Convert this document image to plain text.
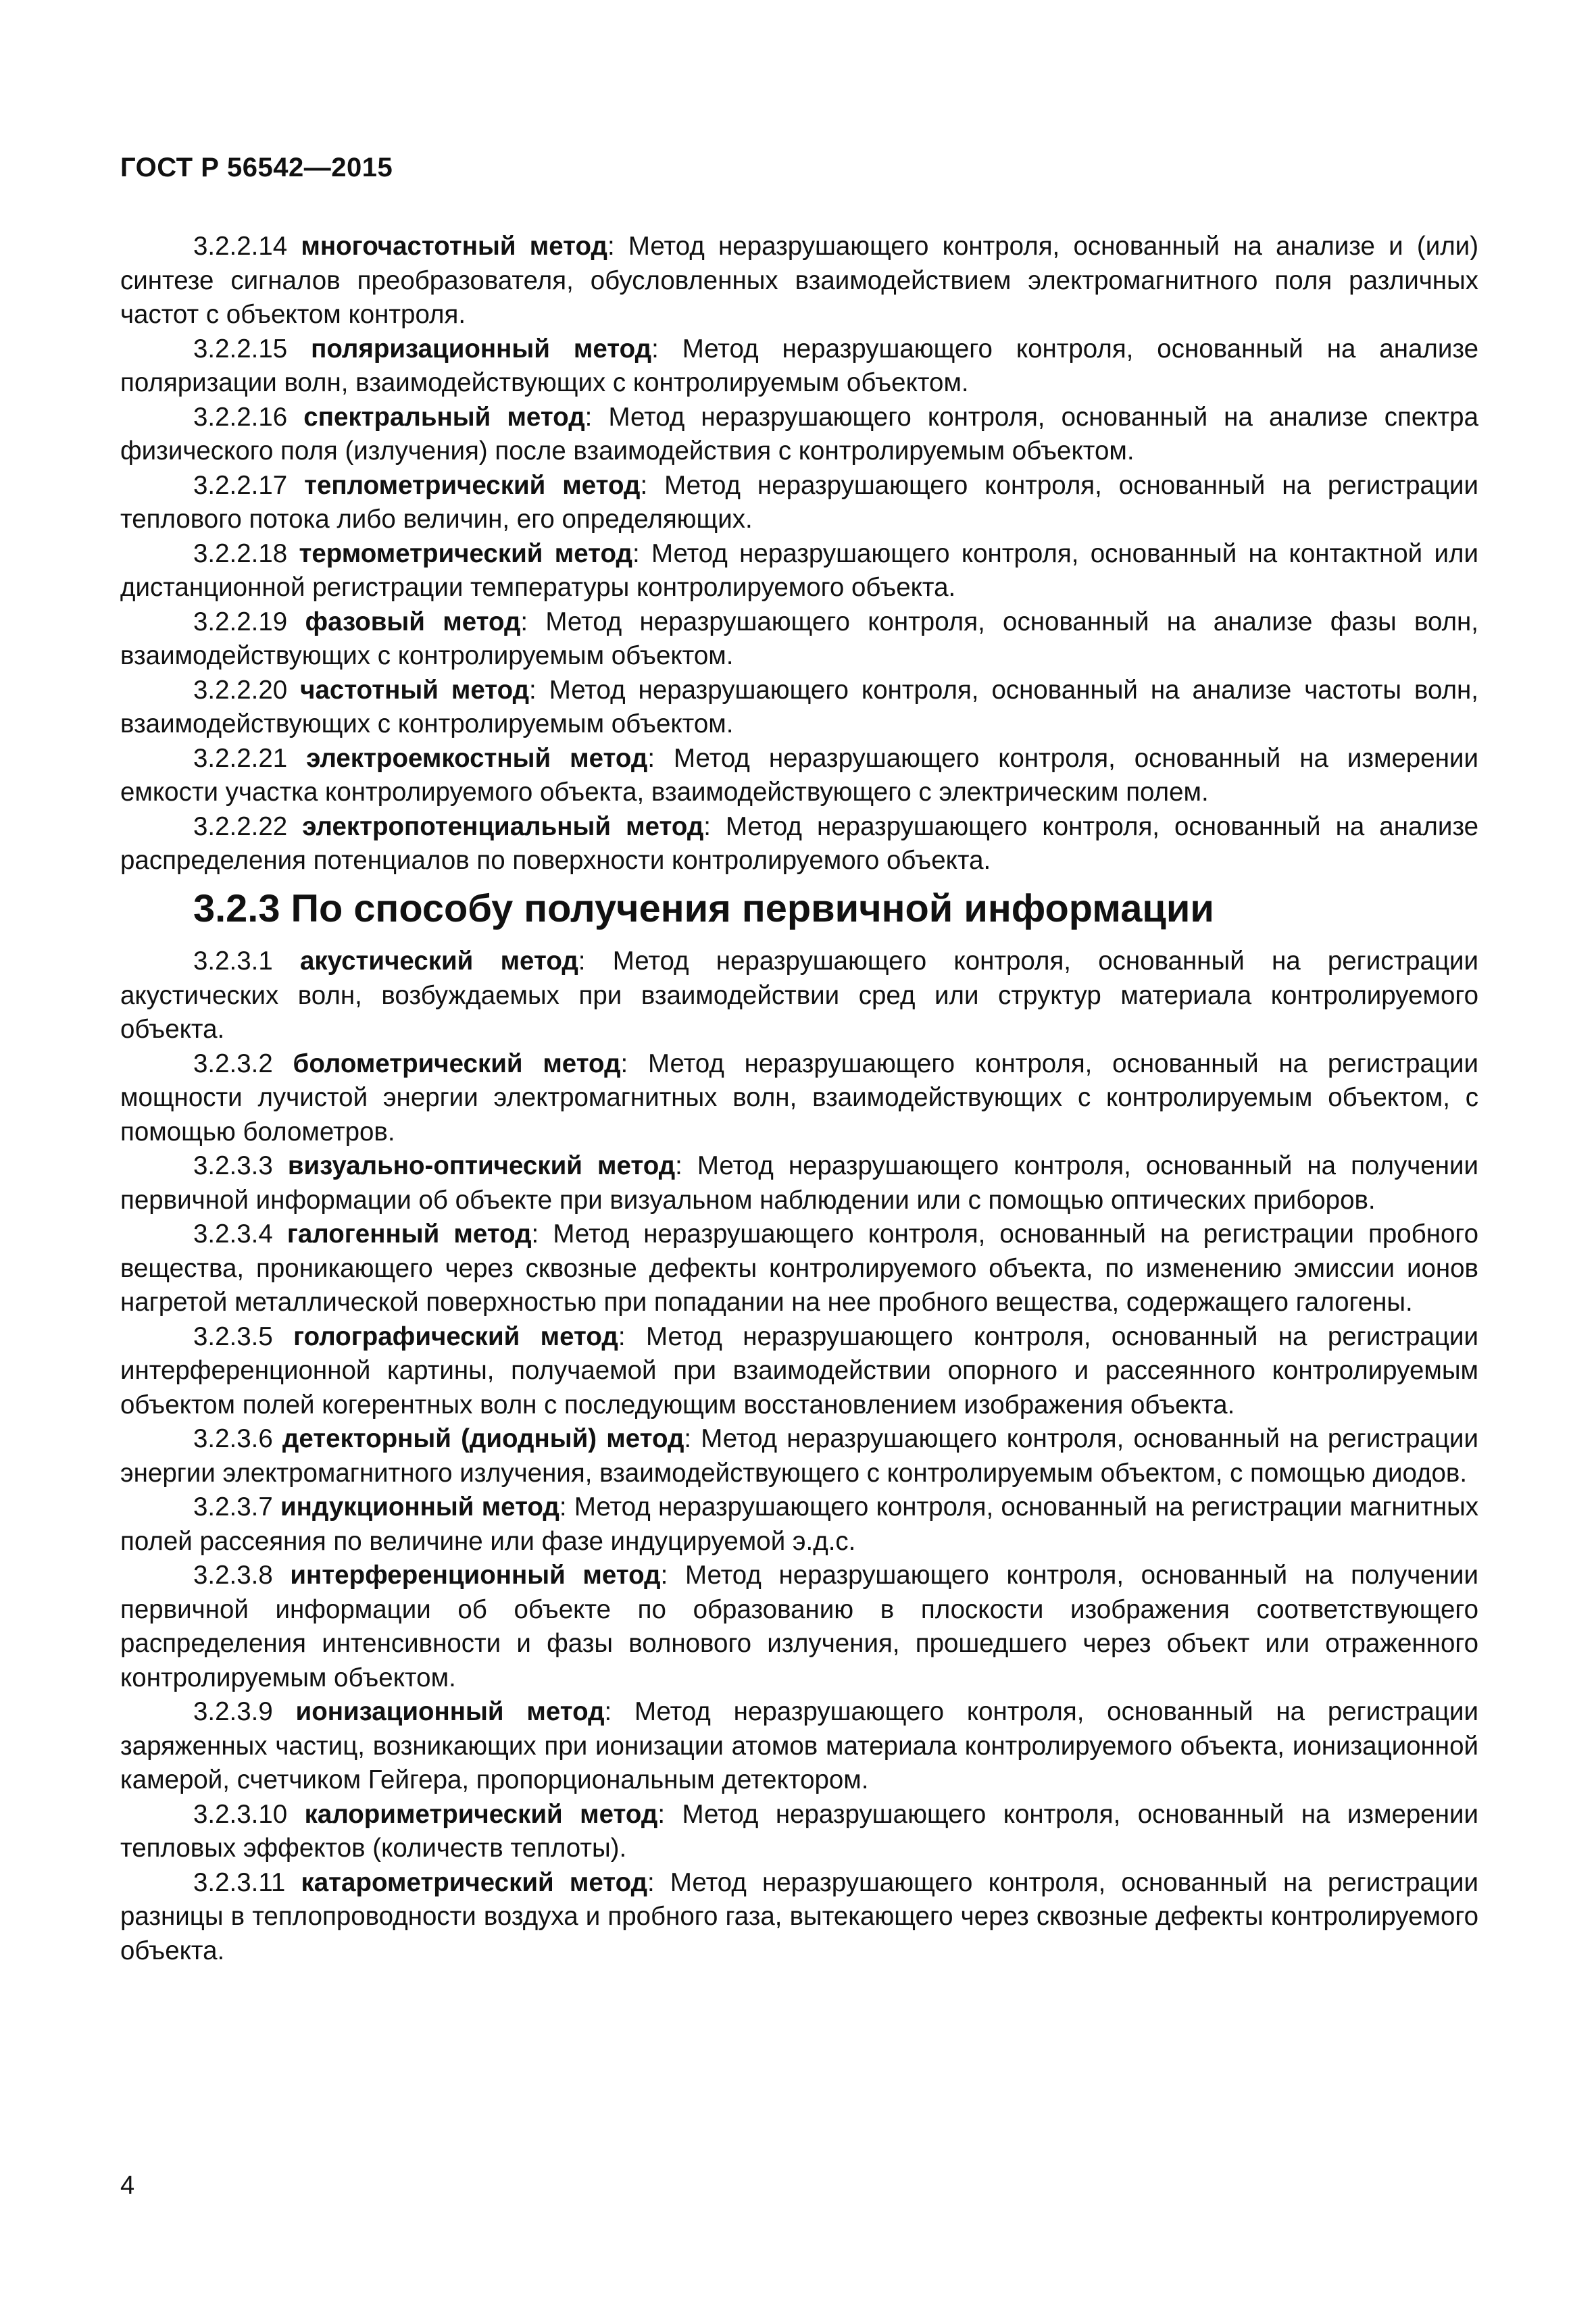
ГОСТ Р 56542—2015

3.2.2.14 многочастотный метод: Метод неразрушающего контроля, основанный на анализе и (или) синтезе сигналов преобразователя, обусловленных взаимодействием электромагнитного поля различных частот с объектом контроля.

3.2.2.15 поляризационный метод: Метод неразрушающего контроля, основанный на анализе поляризации волн, взаимодействующих с контролируемым объектом.

3.2.2.16 спектральный метод: Метод неразрушающего контроля, основанный на анализе спектра физического поля (излучения) после взаимодействия с контролируемым объектом.

3.2.2.17 теплометрический метод: Метод неразрушающего контроля, основанный на регистрации теплового потока либо величин, его определяющих.

3.2.2.18 термометрический метод: Метод неразрушающего контроля, основанный на контактной или дистанционной регистрации температуры контролируемого объекта.

3.2.2.19 фазовый метод: Метод неразрушающего контроля, основанный на анализе фазы волн, взаимодействующих с контролируемым объектом.

3.2.2.20 частотный метод: Метод неразрушающего контроля, основанный на анализе частоты волн, взаимодействующих с контролируемым объектом.

3.2.2.21 электроемкостный метод: Метод неразрушающего контроля, основанный на измерении емкости участка контролируемого объекта, взаимодействующего с электрическим полем.

3.2.2.22 электропотенциальный метод: Метод неразрушающего контроля, основанный на анализе распределения потенциалов по поверхности контролируемого объекта.

3.2.3 По способу получения первичной информации

3.2.3.1 акустический метод: Метод неразрушающего контроля, основанный на регистрации акустических волн, возбуждаемых при взаимодействии сред или структур материала контролируемого объекта.

3.2.3.2 болометрический метод: Метод неразрушающего контроля, основанный на регистрации мощности лучистой энергии электромагнитных волн, взаимодействующих с контролируемым объектом, с помощью болометров.

3.2.3.3 визуально-оптический метод: Метод неразрушающего контроля, основанный на получении первичной информации об объекте при визуальном наблюдении или с помощью оптических приборов.

3.2.3.4 галогенный метод: Метод неразрушающего контроля, основанный на регистрации пробного вещества, проникающего через сквозные дефекты контролируемого объекта, по изменению эмиссии ионов нагретой металлической поверхностью при попадании на нее пробного вещества, содержащего галогены.

3.2.3.5 голографический метод: Метод неразрушающего контроля, основанный на регистрации интерференционной картины, получаемой при взаимодействии опорного и рассеянного контролируемым объектом полей когерентных волн с последующим восстановлением изображения объекта.

3.2.3.6 детекторный (диодный) метод: Метод неразрушающего контроля, основанный на регистрации энергии электромагнитного излучения, взаимодействующего с контролируемым объектом, с помощью диодов.

3.2.3.7 индукционный метод: Метод неразрушающего контроля, основанный на регистрации магнитных полей рассеяния по величине или фазе индуцируемой э.д.с.

3.2.3.8 интерференционный метод: Метод неразрушающего контроля, основанный на получении первичной информации об объекте по образованию в плоскости изображения соответствующего распределения интенсивности и фазы волнового излучения, прошедшего через объект или отраженного контролируемым объектом.

3.2.3.9 ионизационный метод: Метод неразрушающего контроля, основанный на регистрации заряженных частиц, возникающих при ионизации атомов материала контролируемого объекта, ионизационной камерой, счетчиком Гейгера, пропорциональным детектором.

3.2.3.10 калориметрический метод: Метод неразрушающего контроля, основанный на измерении тепловых эффектов (количеств теплоты).

3.2.3.11 катарометрический метод: Метод неразрушающего контроля, основанный на регистрации разницы в теплопроводности воздуха и пробного газа, вытекающего через сквозные дефекты контролируемого объекта.

4
